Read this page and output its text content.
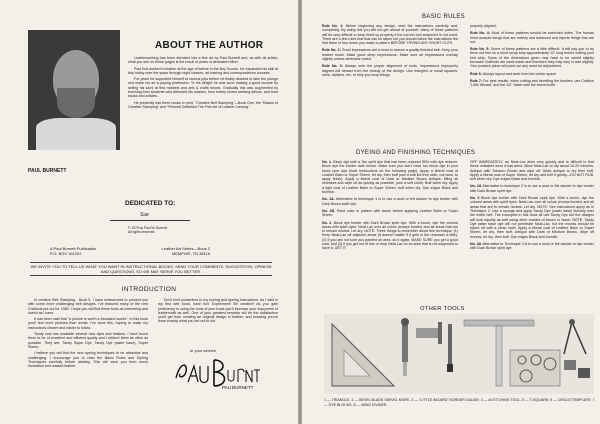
PAUL BURNETT
ABOUT THE AUTHOR

Leatherworking has been elevated into a fine art by Paul Burnett and, as with all artists, what you see on these pages is the result of years of dedicated effort.

Paul first worked in leather at the age of twelve in the Boy Scouts. He expanded his skill at this hobby over the years through night classes, art training and correspondence courses.

For years he supported himself at various jobs before he finally decided to take the plunge and make his art a paying profession. To his delight he was soon making a good income by selling his work at flea markets and arts & crafts shows. Gradually this was augmented by teaching from students who attended his classes, from hobby stores seeking advice, and from books and articles.

He presently has three books in print, "Creative Belt Stamping"—Book One, the "Basics of Creative Stamping" and "Pictorial Definition The Fine Art of Leather Carving."

DEDICATED TO:
Sue
© 1978 by Paul W. Burnett
All rights reserved.
A Paul Burnett Publication	Leather Art Series—Book 2
P.O. BOX 161022	MEMPHIS, TN 38116
WE INVITE YOU TO TELL US WHAT YOU WANT IN INSTRUCTIONAL BOOKS. SEND YOUR COMMENTS, SUGGESTION, OPINION AND QUESTIONS, SO WE MAY SERVE YOU BETTER.
INTRODUCTION

In creative Belt Stamping - Book II, I have endeavored to present you with some more challenging belt designs. I've featured many of the new Craftools put out for 1980. I hope you will find these tools as interesting and useful as I have.

It has been said that "a picture is worth a thousand words". In this book you'll find more pictures than words. I've done this, hoping to make my instructions clearer and easier to follow.

Tandy now has available several new dyes and finishes. I have found them to be of excellent and efficient quality and I utilized them as often as possible. They are: Tandy Super Dye, Tandy Dye (water base), Super Sheen.

I believe you will find the new dyeing techniques to be attractive and challenging. I encourage you to read the Basic Rules and Dyeing Techniques carefully before starting. This will save you from much frustration and wasted leather.

Don't limit yourselves to my tooling and dyeing instructions. As I said in my first belt book, have fun! Experiment! Be creative! As you gain proficiency in using the tools of your trade you'll increase your enjoyment of leathercraft as well. One of your greatest rewards will be the satisfaction you'll get from creating an original design in leather, and knowing you've done exactly what you set out to do!

In your service,
PAU BURNETT
BASIC RULES

Rule No. 1: Before beginning any design, read the instructions carefully and, completely. By doing this you will not get ahead of yourself. Many of these patterns will be very difficult to keep lined up properly if the correct tool sequence is not used. There are a few rules that that can be taken but you should follow the instructions the first three or four times you make a pattern BEFORE TRYING ANY SHORT CUTS.

Rule No. 2: Good impressions are a must to assure a quality finished belt. Keep your leather moist. Make good deep impressions. Make sure all impressions overlap slightly unless otherwise noted.

Rule No. 3: Always note the proper alignment of tools. Impressions improperly aligned will detract from the beauty of the design. Use triangles or small squares, rules, dividers, etc. to help you keep things

properly aligned.

Rule No. 4: Most of these patterns should be stretched sides. The human mind accepts things that are orderly and balanced and rejects things that are not.

Rule No. 5: Some of these patterns are a little difficult. It will pay you to try them out first on a short scrap strip approximately 12" long before cutting your belt strip. Some of the dimensions given may have to be varied slightly because Craftools are hand-made and therefore they may vary in size slightly. Your practice piece will point out any need for adjustment.

Rule 6: Always layout and work from the center space.

Rule 7: For best results, when cutting and bevelling the borders, use Craftool "Little Wizard" and the 1/2" blade with the swivel knife.

DYEING AND FINISHING TECHNIQUES

No. 1. Block dye with a Tan spirit dye that has been reduced 50% with dye reducer. Block dye the border dark brown. Make sure you don't have too much dye in your block (see dye block instructions on the following page). Apply a liberal coat of Leather Balm or Super Sheen, let dry, then buff (use a soft lint-free cloth, not wool, to apply finish). Apply a liberal coat of Dark or Medium Brown Antique, filling all recesses and wipe off as quickly as possible. (use a soft cloth). Buff when dry. Apply a light coat of Leather Balm or Super Sheen, buff when dry. Dye edges Black and burnish.

No. 1A. Alternative to technique 1 is to use a wool or felt dauber to dye border with Dark Brown spirit dye.

No. 1B. Paint color in pattern with brush before applying Leather Balm or Super Sheen.

No. 2. Block dye border with Dark Brown spirit dye. With a brush, dye the colored areas with spirit dyes. Neat-Lac over all colors (except border) and all areas that are to remain neutral. Let dry. NOTE: Three things to remember about this technique: (1) Keep Neat-Lac off adjacent areas (it doesn't matter if it gets in the recesses a little), (2) If you are not sure you painted an area, do it again, MAKE SURE you get a good coat, and (3) If you get out of line or drop Neat-Lac on an area that is not supposed to have it, GET IT

OFF IMMEDIATELY, as Neat-Lac dries very quickly and is difficult to find these mistakes once it has dried. Allow Neat-Lac to dry about 10-20 minutes. Antique with Tobacco Brown and wipe off. Allow antique to dry then buff. Apply a liberal coat of Super Sheen, let dry and buff it gently—DO NOT RUB, buff when dry. Dye edges Black and burnish.

No. 2A Alternative to technique 2 is to use a wool or felt dauber to dye border with Dark Brown spirit dye.

No. 3 Block dye border with Dark Brown spirit dye. With a brush, dye the colored areas with spirit dyes. Neat-Lac over all colors (except border) and all areas that are to remain neutral. Let dry. NOTE: See instructions apply as in Technique 2. Use a sponge and apply Tandy Dye (water base) liberally over the entire belt. The examples in this book all use Tandy Dye but the designs will look equally as well using other shades of brown or black. NOTE: Tandy Dye water base dye will not penetrate Neat-Lac, but the excess should be wiped off with a clean cloth. Apply a liberal coat of Leather Balm or Super Sheen, let dry, then buff. Antique with Dark or Medium Brown. Wipe off excess, let dry, then buff. Dye edges Black and burnish.

No. 3A Alternative to Technique 3 is to use a wool or felt dauber to dye border with Dark Brown spirit dye.

OTHER TOOLS
1 — TRIANGLE, 2 — BEVEL BLADE SWIVEL KNIFE, 3 — "LITTLE WIZARD" BORDER GAUGE; 4 — #2 ETCHING TOOL, 5 — T-SQUARE; 6 — CIRCLE TEMPLATE; 7 — DYE BLOCKS, 8 — WING DIVIDER.
